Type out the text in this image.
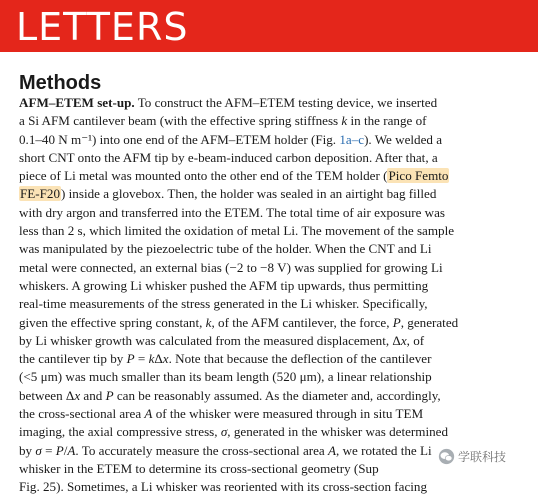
LETTERS
Methods
AFM–ETEM set-up. To construct the AFM–ETEM testing device, we inserted
a Si AFM cantilever beam (with the effective spring stiffness k in the range of
0.1–40 N m⁻¹) into one end of the AFM–ETEM holder (Fig. 1a–c). We welded a
short CNT onto the AFM tip by e-beam-induced carbon deposition. After that, a
piece of Li metal was mounted onto the other end of the TEM holder (Pico Femto
FE-F20) inside a glovebox. Then, the holder was sealed in an airtight bag filled
with dry argon and transferred into the ETEM. The total time of air exposure was
less than 2 s, which limited the oxidation of metal Li. The movement of the sample
was manipulated by the piezoelectric tube of the holder. When the CNT and Li
metal were connected, an external bias (−2 to −8 V) was supplied for growing Li
whiskers. A growing Li whisker pushed the AFM tip upwards, thus permitting
real-time measurements of the stress generated in the Li whisker. Specifically,
given the effective spring constant, k, of the AFM cantilever, the force, P, generated
by Li whisker growth was calculated from the measured displacement, Δx, of
the cantilever tip by P = kΔx. Note that because the deflection of the cantilever
(<5 μm) was much smaller than its beam length (520 μm), a linear relationship
between Δx and P can be reasonably assumed. As the diameter and, accordingly,
the cross-sectional area A of the whisker were measured through in situ TEM
imaging, the axial compressive stress, σ, generated in the whisker was determined
by σ = P/A. To accurately measure the cross-sectional area A, we rotated the Li
whisker in the ETEM to determine its cross-sectional geometry (Sup
Fig. 25). Sometimes, a Li whisker was reoriented with its cross-section facing
学联科技
